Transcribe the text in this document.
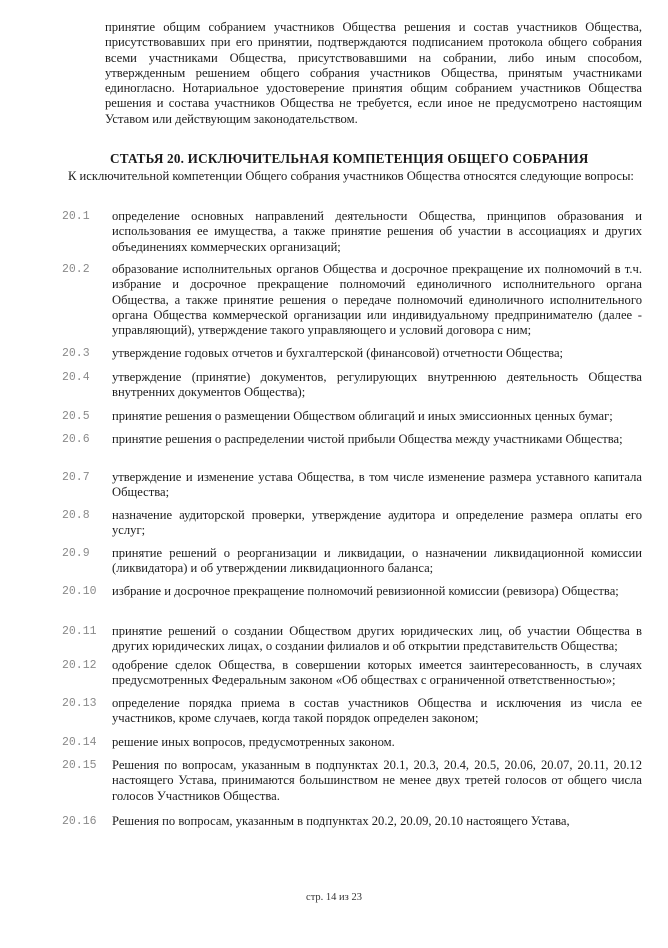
принятие общим собранием участников Общества решения и состав участников Общества, присутствовавших при его принятии, подтверждаются подписанием протокола общего собрания всеми участниками Общества, присутствовавшими на собрании, либо иным способом, утвержденным решением общего собрания участников Общества, принятым участниками единогласно. Нотариальное удостоверение принятия общим собранием участников Общества решения и состава участников Общества не требуется, если иное не предусмотрено настоящим Уставом или действующим законодательством.

СТАТЬЯ 20. ИСКЛЮЧИТЕЛЬНАЯ КОМПЕТЕНЦИЯ ОБЩЕГО СОБРАНИЯ

К исключительной компетенции Общего собрания участников Общества относятся следующие вопросы:

20.1	определение основных направлений деятельности Общества, принципов образования и использования ее имущества, а также принятие решения об участии в ассоциациях и других объединениях коммерческих организаций;

20.2	образование исполнительных органов Общества и досрочное прекращение их полномочий в т.ч. избрание и досрочное прекращение полномочий единоличного исполнительного органа Общества, а также принятие решения о передаче полномочий единоличного исполнительного органа Общества коммерческой организации или индивидуальному предпринимателю (далее - управляющий), утверждение такого управляющего и условий договора с ним;

20.3	утверждение годовых отчетов и бухгалтерской (финансовой) отчетности Общества;

20.4	утверждение (принятие) документов, регулирующих внутреннюю деятельность Общества внутренних документов Общества);

20.5	принятие решения о размещении Обществом облигаций и иных эмиссионных ценных бумаг;

20.6	принятие решения о распределении чистой прибыли Общества между участниками Общества;

20.7	утверждение и изменение устава Общества, в том числе изменение размера уставного капитала Общества;

20.8	назначение аудиторской проверки, утверждение аудитора и определение размера оплаты его услуг;

20.9	принятие решений о реорганизации и ликвидации, о назначении ликвидационной комиссии (ликвидатора) и об утверждении ликвидационного баланса;

20.10	избрание и досрочное прекращение полномочий ревизионной комиссии (ревизора) Общества;

20.11	принятие решений о создании Обществом других юридических лиц, об участии Общества в других юридических лицах, о создании филиалов и об открытии представительств Общества;

20.12	одобрение сделок Общества, в совершении которых имеется заинтересованность, в случаях предусмотренных Федеральным законом «Об обществах с ограниченной ответственностью»;

20.13	определение порядка приема в состав участников Общества и исключения из числа ее участников, кроме случаев, когда такой порядок определен законом;

20.14	решение иных вопросов, предусмотренных законом.

20.15	Решения по вопросам, указанным в подпунктах 20.1, 20.3, 20.4, 20.5, 20.06, 20.07, 20.11, 20.12 настоящего Устава, принимаются большинством не менее двух третей голосов от общего числа голосов Участников Общества.

20.16	Решения по вопросам, указанным в подпунктах 20.2, 20.09, 20.10 настоящего Устава,

стр. 14 из 23
